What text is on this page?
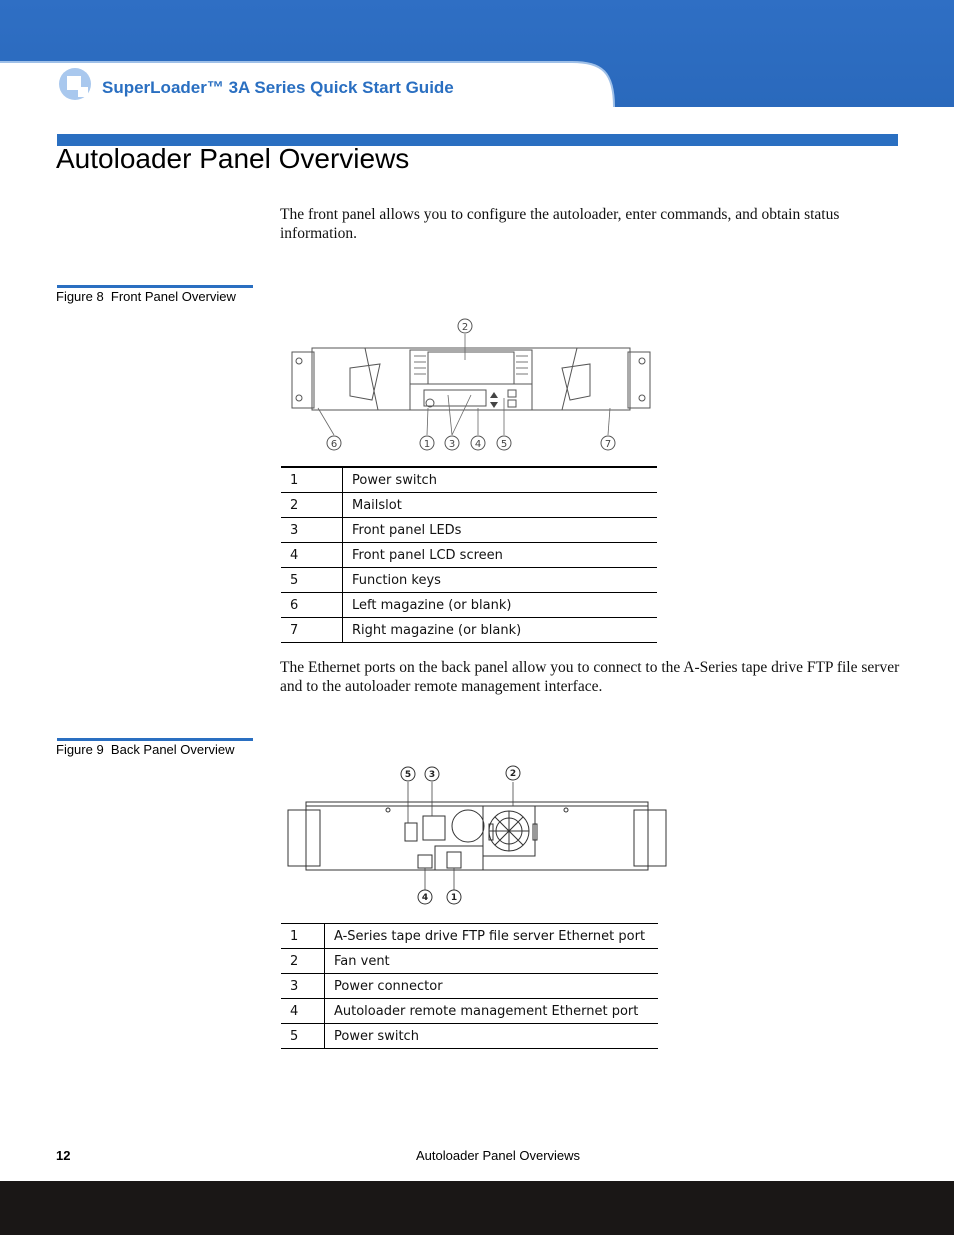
SuperLoader™ 3A Series Quick Start Guide
Autoloader Panel Overviews
The front panel allows you to configure the autoloader, enter commands, and obtain status information.
Figure 8  Front Panel Overview
2
6	1 3 4 5	7
1	Power switch
2	Mailslot
3	Front panel LEDs
4	Front panel LCD screen
5	Function keys
6	Left magazine (or blank)
7	Right magazine (or blank)
The Ethernet ports on the back panel allow you to connect to the A-Series tape drive FTP file server and to the autoloader remote management interface.
Figure 9  Back Panel Overview
5 3	2
4	1
1	A-Series tape drive FTP file server Ethernet port
2	Fan vent
3	Power connector
4	Autoloader remote management Ethernet port
5	Power switch
12	Autoloader Panel Overviews
